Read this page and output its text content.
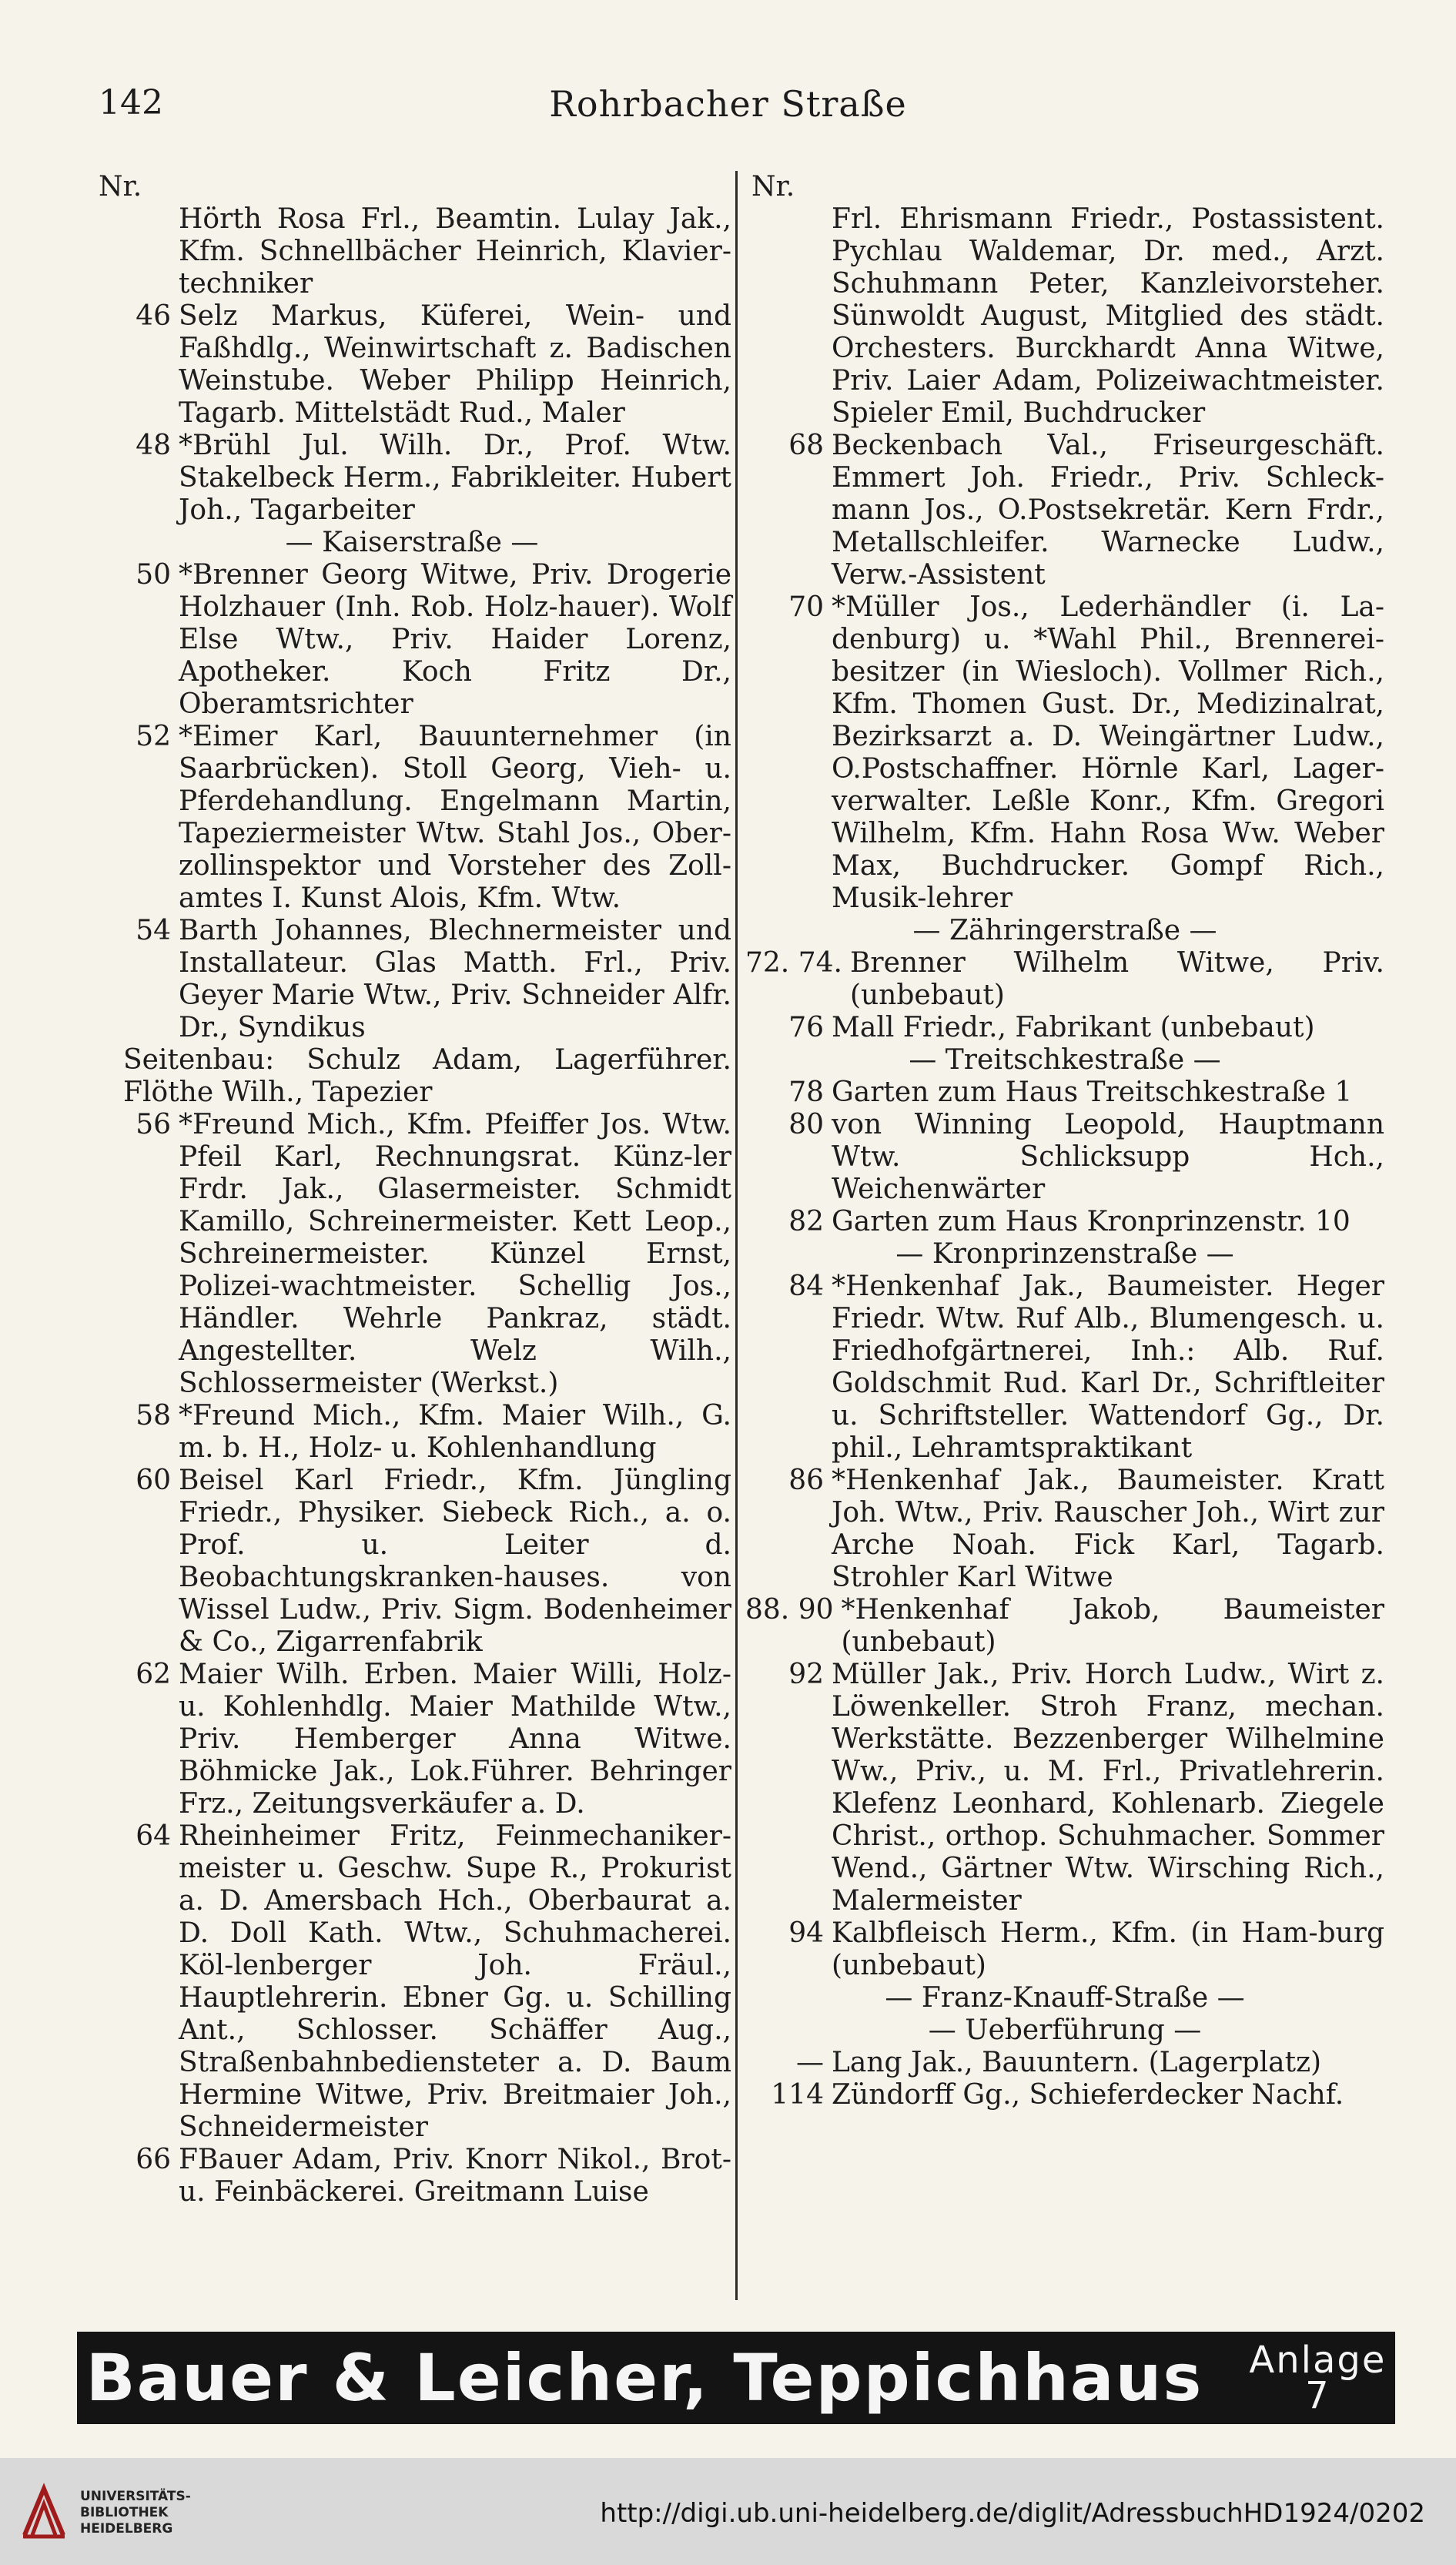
142	Rohrbacher Straße
Nr.
Hörth Rosa Frl., Beamtin. Lulay Jak., Kfm. Schnellbächer Heinrich, Klavier-techniker
46 Selz Markus, Küferei, Wein- und Faßhdlg., Weinwirtschaft z. Badischen Weinstube. Weber Philipp Heinrich, Tagarb. Mittelstädt Rud., Maler
48 *Brühl Jul. Wilh. Dr., Prof. Wtw. Stakelbeck Herm., Fabrikleiter. Hubert Joh., Tagarbeiter
— Kaiserstraße —
50 *Brenner Georg Witwe, Priv. Drogerie Holzhauer (Inh. Rob. Holz-hauer). Wolf Else Wtw., Priv. Haider Lorenz, Apotheker. Koch Fritz Dr., Oberamtsrichter
52 *Eimer Karl, Bauunternehmer (in Saarbrücken). Stoll Georg, Vieh- u. Pferdehandlung. Engelmann Martin, Tapeziermeister Wtw. Stahl Jos., Ober-zollinspektor und Vorsteher des Zoll-amtes I. Kunst Alois, Kfm. Wtw.
54 Barth Johannes, Blechnermeister und Installateur. Glas Matth. Frl., Priv. Geyer Marie Wtw., Priv. Schneider Alfr. Dr., Syndikus
Seitenbau: Schulz Adam, Lagerführer. Flöthe Wilh., Tapezier
56 *Freund Mich., Kfm. Pfeiffer Jos. Wtw. Pfeil Karl, Rechnungsrat. Künz-ler Frdr. Jak., Glasermeister. Schmidt Kamillo, Schreinermeister. Kett Leop., Schreinermeister. Künzel Ernst, Polizei-wachtmeister. Schellig Jos., Händler. Wehrle Pankraz, städt. Angestellter. Welz Wilh., Schlossermeister (Werkst.)
58 *Freund Mich., Kfm. Maier Wilh., G. m. b. H., Holz- u. Kohlenhandlung
60 Beisel Karl Friedr., Kfm. Jüngling Friedr., Physiker. Siebeck Rich., a. o. Prof. u. Leiter d. Beobachtungskranken-hauses. von Wissel Ludw., Priv. Sigm. Bodenheimer & Co., Zigarrenfabrik
62 Maier Wilh. Erben. Maier Willi, Holz- u. Kohlenhdlg. Maier Mathilde Wtw., Priv. Hemberger Anna Witwe. Böhmicke Jak., Lok.Führer. Behringer Frz., Zeitungsverkäufer a. D.
64 Rheinheimer Fritz, Feinmechaniker-meister u. Geschw. Supe R., Prokurist a. D. Amersbach Hch., Oberbaurat a. D. Doll Kath. Wtw., Schuhmacherei. Köl-lenberger Joh. Fräul., Hauptlehrerin. Ebner Gg. u. Schilling Ant., Schlosser. Schäffer Aug., Straßenbahnbediensteter a. D. Baum Hermine Witwe, Priv. Breitmaier Joh., Schneidermeister
66 FBauer Adam, Priv. Knorr Nikol., Brot- u. Feinbäckerei. Greitmann Luise
Nr.
Frl. Ehrismann Friedr., Postassistent. Pychlau Waldemar, Dr. med., Arzt. Schuhmann Peter, Kanzleivorsteher. Sünwoldt August, Mitglied des städt. Orchesters. Burckhardt Anna Witwe, Priv. Laier Adam, Polizeiwachtmeister. Spieler Emil, Buchdrucker
68 Beckenbach Val., Friseurgeschäft. Emmert Joh. Friedr., Priv. Schleck-mann Jos., O.Postsekretär. Kern Frdr., Metallschleifer. Warnecke Ludw., Verw.-Assistent
70 *Müller Jos., Lederhändler (i. La-denburg) u. *Wahl Phil., Brennerei-besitzer (in Wiesloch). Vollmer Rich., Kfm. Thomen Gust. Dr., Medizinalrat, Bezirksarzt a. D. Weingärtner Ludw., O.Postschaffner. Hörnle Karl, Lager-verwalter. Leßle Konr., Kfm. Gregori Wilhelm, Kfm. Hahn Rosa Ww. Weber Max, Buchdrucker. Gompf Rich., Musik-lehrer
— Zähringerstraße —
72. 74. Brenner Wilhelm Witwe, Priv. (unbebaut)
76 Mall Friedr., Fabrikant (unbebaut)
— Treitschkestraße —
78 Garten zum Haus Treitschkestraße 1
80 von Winning Leopold, Hauptmann Wtw. Schlicksupp Hch., Weichenwärter
82 Garten zum Haus Kronprinzenstr. 10
— Kronprinzenstraße —
84 *Henkenhaf Jak., Baumeister. Heger Friedr. Wtw. Ruf Alb., Blumengesch. u. Friedhofgärtnerei, Inh.: Alb. Ruf. Goldschmit Rud. Karl Dr., Schriftleiter u. Schriftsteller. Wattendorf Gg., Dr. phil., Lehramtspraktikant
86 *Henkenhaf Jak., Baumeister. Kratt Joh. Wtw., Priv. Rauscher Joh., Wirt zur Arche Noah. Fick Karl, Tagarb. Strohler Karl Witwe
88. 90 *Henkenhaf Jakob, Baumeister (unbebaut)
92 Müller Jak., Priv. Horch Ludw., Wirt z. Löwenkeller. Stroh Franz, mechan. Werkstätte. Bezzenberger Wilhelmine Ww., Priv., u. M. Frl., Privatlehrerin. Klefenz Leonhard, Kohlenarb. Ziegele Christ., orthop. Schuhmacher. Sommer Wend., Gärtner Wtw. Wirsching Rich., Malermeister
94 Kalbfleisch Herm., Kfm. (in Ham-burg (unbebaut)
— Franz-Knauff-Straße —
— Ueberführung —
— Lang Jak., Bauuntern. (Lagerplatz)
114 Zündorff Gg., Schieferdecker Nachf.
Bauer & Leicher, Teppichhaus Anlage
7
UNIVERSITÄTS-
BIBLIOTHEK
HEIDELBERG	http://digi.ub.uni-heidelberg.de/diglit/AdressbuchHD1924/0202
